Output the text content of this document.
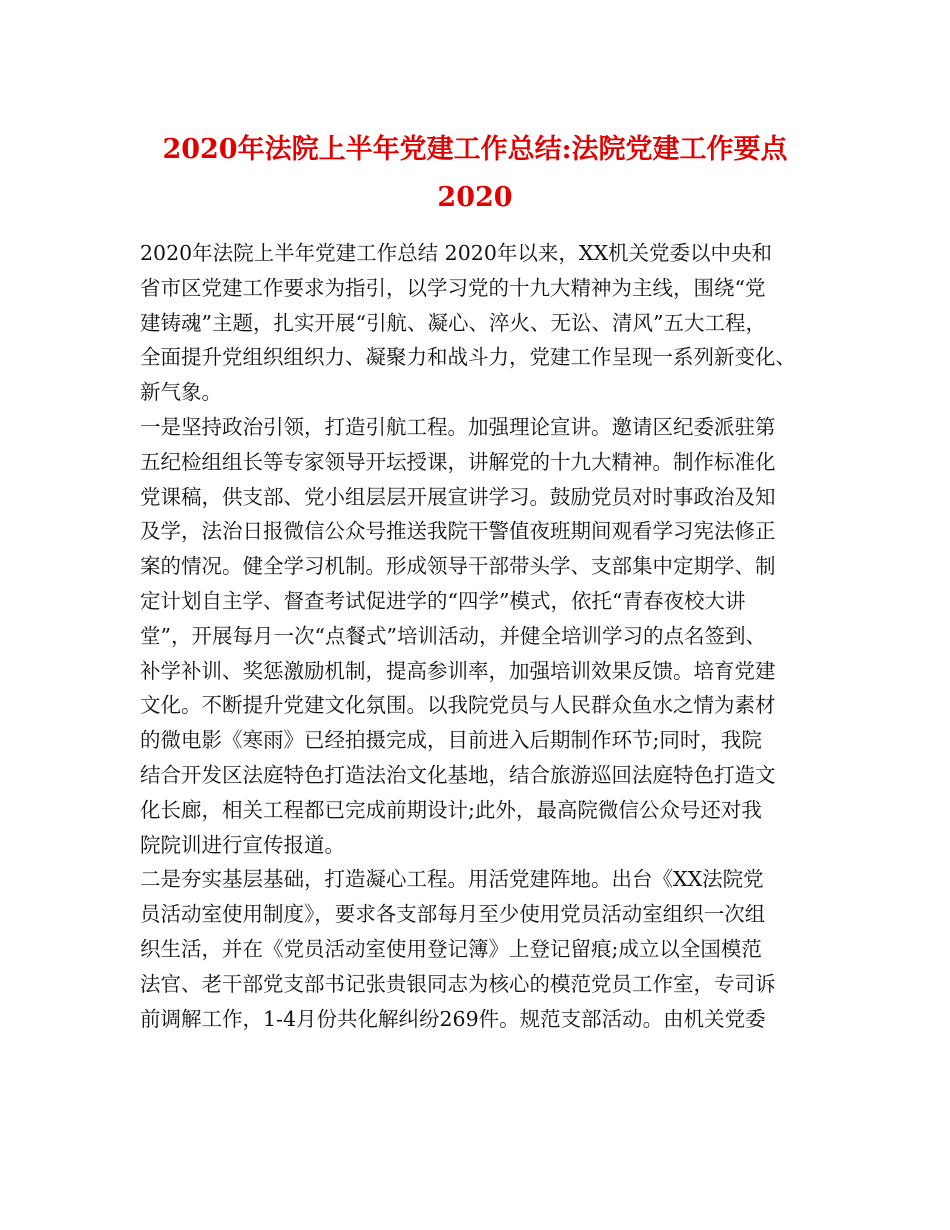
2020年法院上半年党建工作总结:法院党建工作要点
2020
2020年法院上半年党建工作总结 2020年以来，XX机关党委以中央和
省市区党建工作要求为指引，以学习党的十九大精神为主线，围绕“党
建铸魂”主题，扎实开展“引航、凝心、淬火、无讼、清风”五大工程，
全面提升党组织组织力、凝聚力和战斗力，党建工作呈现一系列新变化、
新气象。
一是坚持政治引领，打造引航工程。加强理论宣讲。邀请区纪委派驻第
五纪检组组长等专家领导开坛授课，讲解党的十九大精神。制作标准化
党课稿，供支部、党小组层层开展宣讲学习。鼓励党员对时事政治及知
及学，法治日报微信公众号推送我院干警值夜班期间观看学习宪法修正
案的情况。健全学习机制。形成领导干部带头学、支部集中定期学、制
定计划自主学、督查考试促进学的“四学”模式，依托“青春夜校大讲
堂”，开展每月一次“点餐式”培训活动，并健全培训学习的点名签到、
补学补训、奖惩激励机制，提高参训率，加强培训效果反馈。培育党建
文化。不断提升党建文化氛围。以我院党员与人民群众鱼水之情为素材
的微电影《寒雨》已经拍摄完成，目前进入后期制作环节;同时，我院
结合开发区法庭特色打造法治文化基地，结合旅游巡回法庭特色打造文
化长廊，相关工程都已完成前期设计;此外，最高院微信公众号还对我
院院训进行宣传报道。
二是夯实基层基础，打造凝心工程。用活党建阵地。出台《XX法院党
员活动室使用制度》，要求各支部每月至少使用党员活动室组织一次组
织生活，并在《党员活动室使用登记簿》上登记留痕;成立以全国模范
法官、老干部党支部书记张贵银同志为核心的模范党员工作室，专司诉
前调解工作，1-4月份共化解纠纷269件。规范支部活动。由机关党委
